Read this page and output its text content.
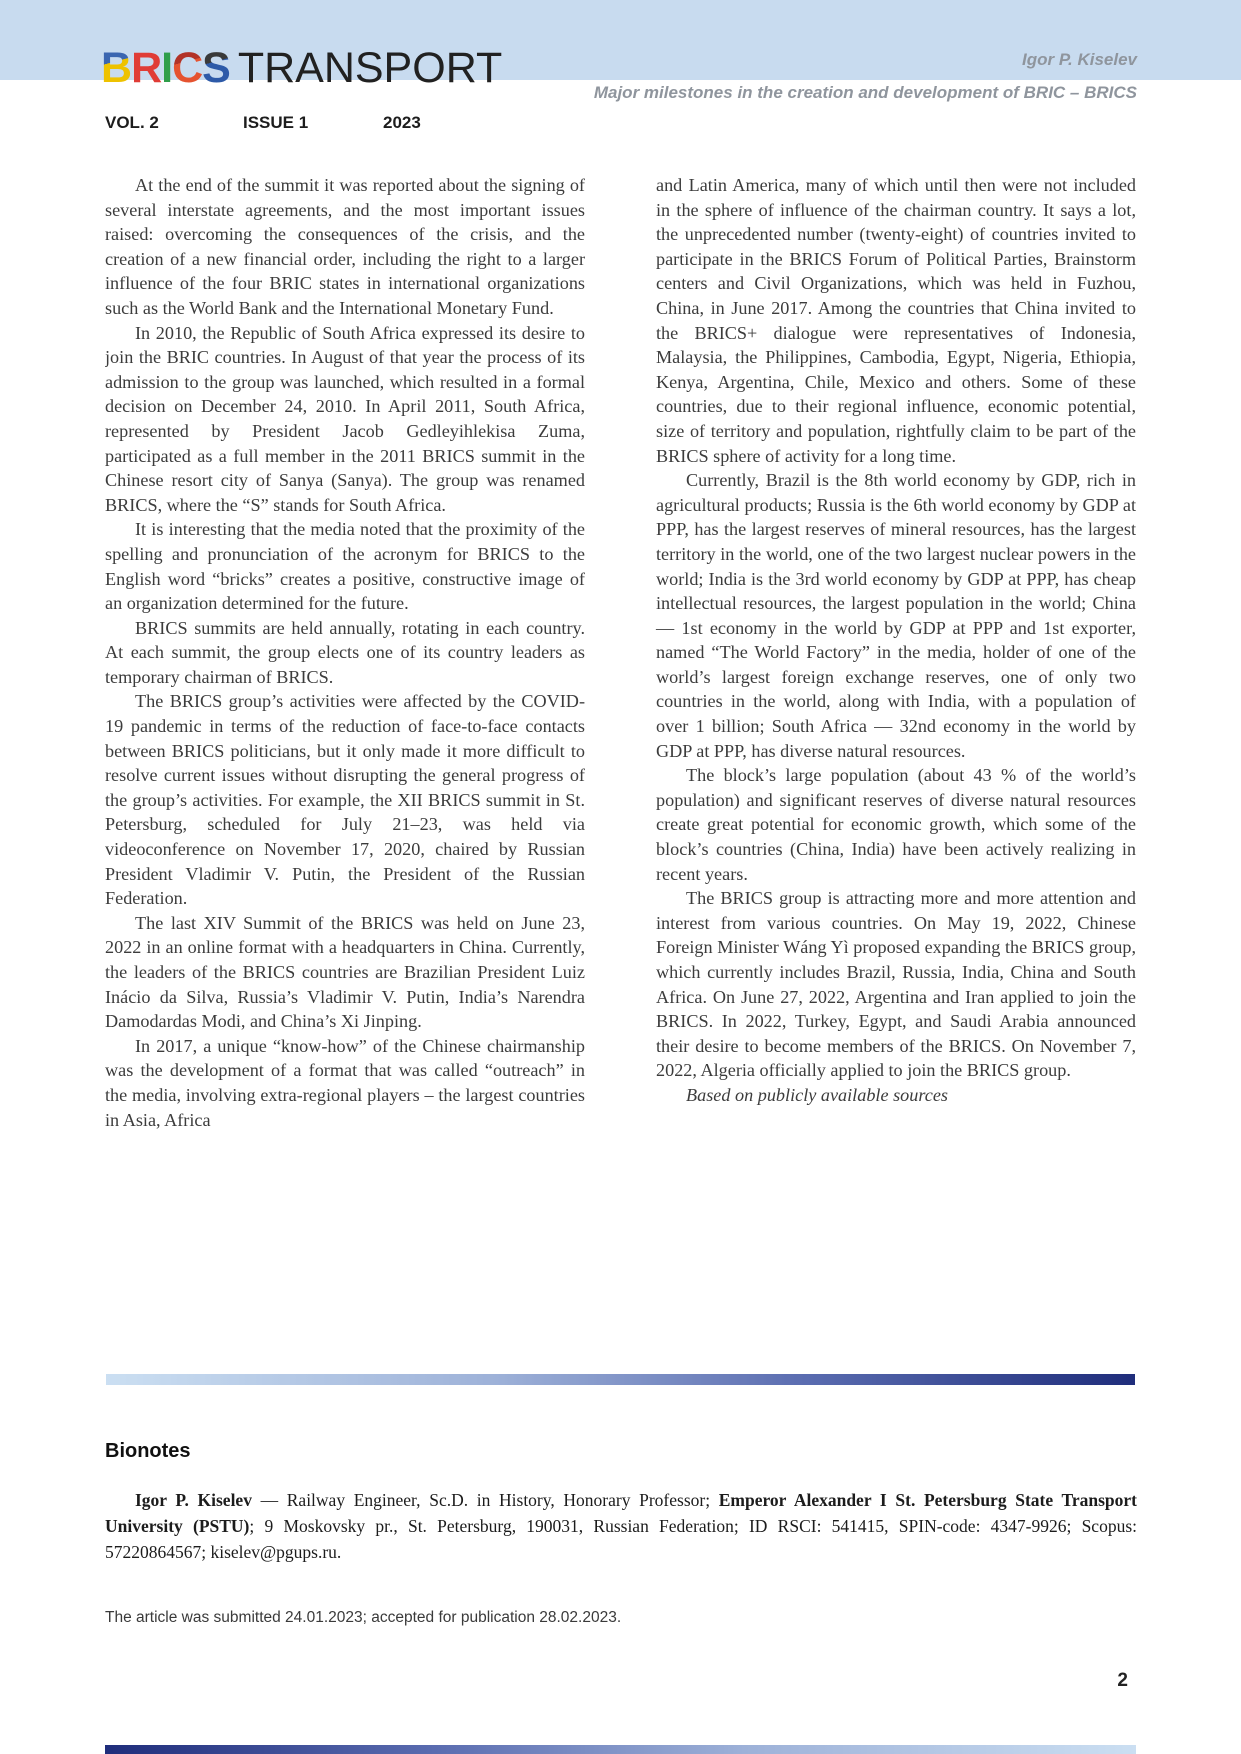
Igor P. Kiselev
BRICS TRANSPORT
Major milestones in the creation and development of BRIC – BRICS
VOL. 2	ISSUE 1	2023

At the end of the summit it was reported about the signing of several interstate agreements, and the most important issues raised: overcoming the consequences of the crisis, and the creation of a new financial order, including the right to a larger influence of the four BRIC states in international organizations such as the World Bank and the International Monetary Fund.

In 2010, the Republic of South Africa expressed its desire to join the BRIC countries. In August of that year the process of its admission to the group was launched, which resulted in a formal decision on December 24, 2010. In April 2011, South Africa, represented by President Jacob Gedleyihlekisa Zuma, participated as a full member in the 2011 BRICS summit in the Chinese resort city of Sanya (Sanya). The group was renamed BRICS, where the “S” stands for South Africa.

It is interesting that the media noted that the proximity of the spelling and pronunciation of the acronym for BRICS to the English word “bricks” creates a positive, constructive image of an organization determined for the future.

BRICS summits are held annually, rotating in each country. At each summit, the group elects one of its country leaders as temporary chairman of BRICS.

The BRICS group’s activities were affected by the COVID-19 pandemic in terms of the reduction of face-to-face contacts between BRICS politicians, but it only made it more difficult to resolve current issues without disrupting the general progress of the group’s activities. For example, the XII BRICS summit in St. Petersburg, scheduled for July 21–23, was held via videoconference on November 17, 2020, chaired by Russian President Vladimir V. Putin, the President of the Russian Federation.

The last XIV Summit of the BRICS was held on June 23, 2022 in an online format with a headquarters in China. Currently, the leaders of the BRICS countries are Brazilian President Luiz Inácio da Silva, Russia’s Vladimir V. Putin, India’s Narendra Damodardas Modi, and China’s Xi Jinping.

In 2017, a unique “know-how” of the Chinese chairmanship was the development of a format that was called “outreach” in the media, involving extra-regional players – the largest countries in Asia, Africa

and Latin America, many of which until then were not included in the sphere of influence of the chairman country. It says a lot, the unprecedented number (twenty-eight) of countries invited to participate in the BRICS Forum of Political Parties, Brainstorm centers and Civil Organizations, which was held in Fuzhou, China, in June 2017. Among the countries that China invited to the BRICS+ dialogue were representatives of Indonesia, Malaysia, the Philippines, Cambodia, Egypt, Nigeria, Ethiopia, Kenya, Argentina, Chile, Mexico and others. Some of these countries, due to their regional influence, economic potential, size of territory and population, rightfully claim to be part of the BRICS sphere of activity for a long time.

Currently, Brazil is the 8th world economy by GDP, rich in agricultural products; Russia is the 6th world economy by GDP at PPP, has the largest reserves of mineral resources, has the largest territory in the world, one of the two largest nuclear powers in the world; India is the 3rd world economy by GDP at PPP, has cheap intellectual resources, the largest population in the world; China — 1st economy in the world by GDP at PPP and 1st exporter, named “The World Factory” in the media, holder of one of the world’s largest foreign exchange reserves, one of only two countries in the world, along with India, with a population of over 1 billion; South Africa — 32nd economy in the world by GDP at PPP, has diverse natural resources.

The block’s large population (about 43 % of the world’s population) and significant reserves of diverse natural resources create great potential for economic growth, which some of the block’s countries (China, India) have been actively realizing in recent years.

The BRICS group is attracting more and more attention and interest from various countries. On May 19, 2022, Chinese Foreign Minister Wáng Yì proposed expanding the BRICS group, which currently includes Brazil, Russia, India, China and South Africa. On June 27, 2022, Argentina and Iran applied to join the BRICS. In 2022, Turkey, Egypt, and Saudi Arabia announced their desire to become members of the BRICS. On November 7, 2022, Algeria officially applied to join the BRICS group.

Based on publicly available sources

Bionotes

Igor P. Kiselev — Railway Engineer, Sc.D. in History, Honorary Professor; Emperor Alexander I St. Petersburg State Transport University (PSTU); 9 Moskovsky pr., St. Petersburg, 190031, Russian Federation; ID RSCI: 541415, SPIN-code: 4347-9926; Scopus: 57220864567; kiselev@pgups.ru.

The article was submitted 24.01.2023; accepted for publication 28.02.2023.

2
